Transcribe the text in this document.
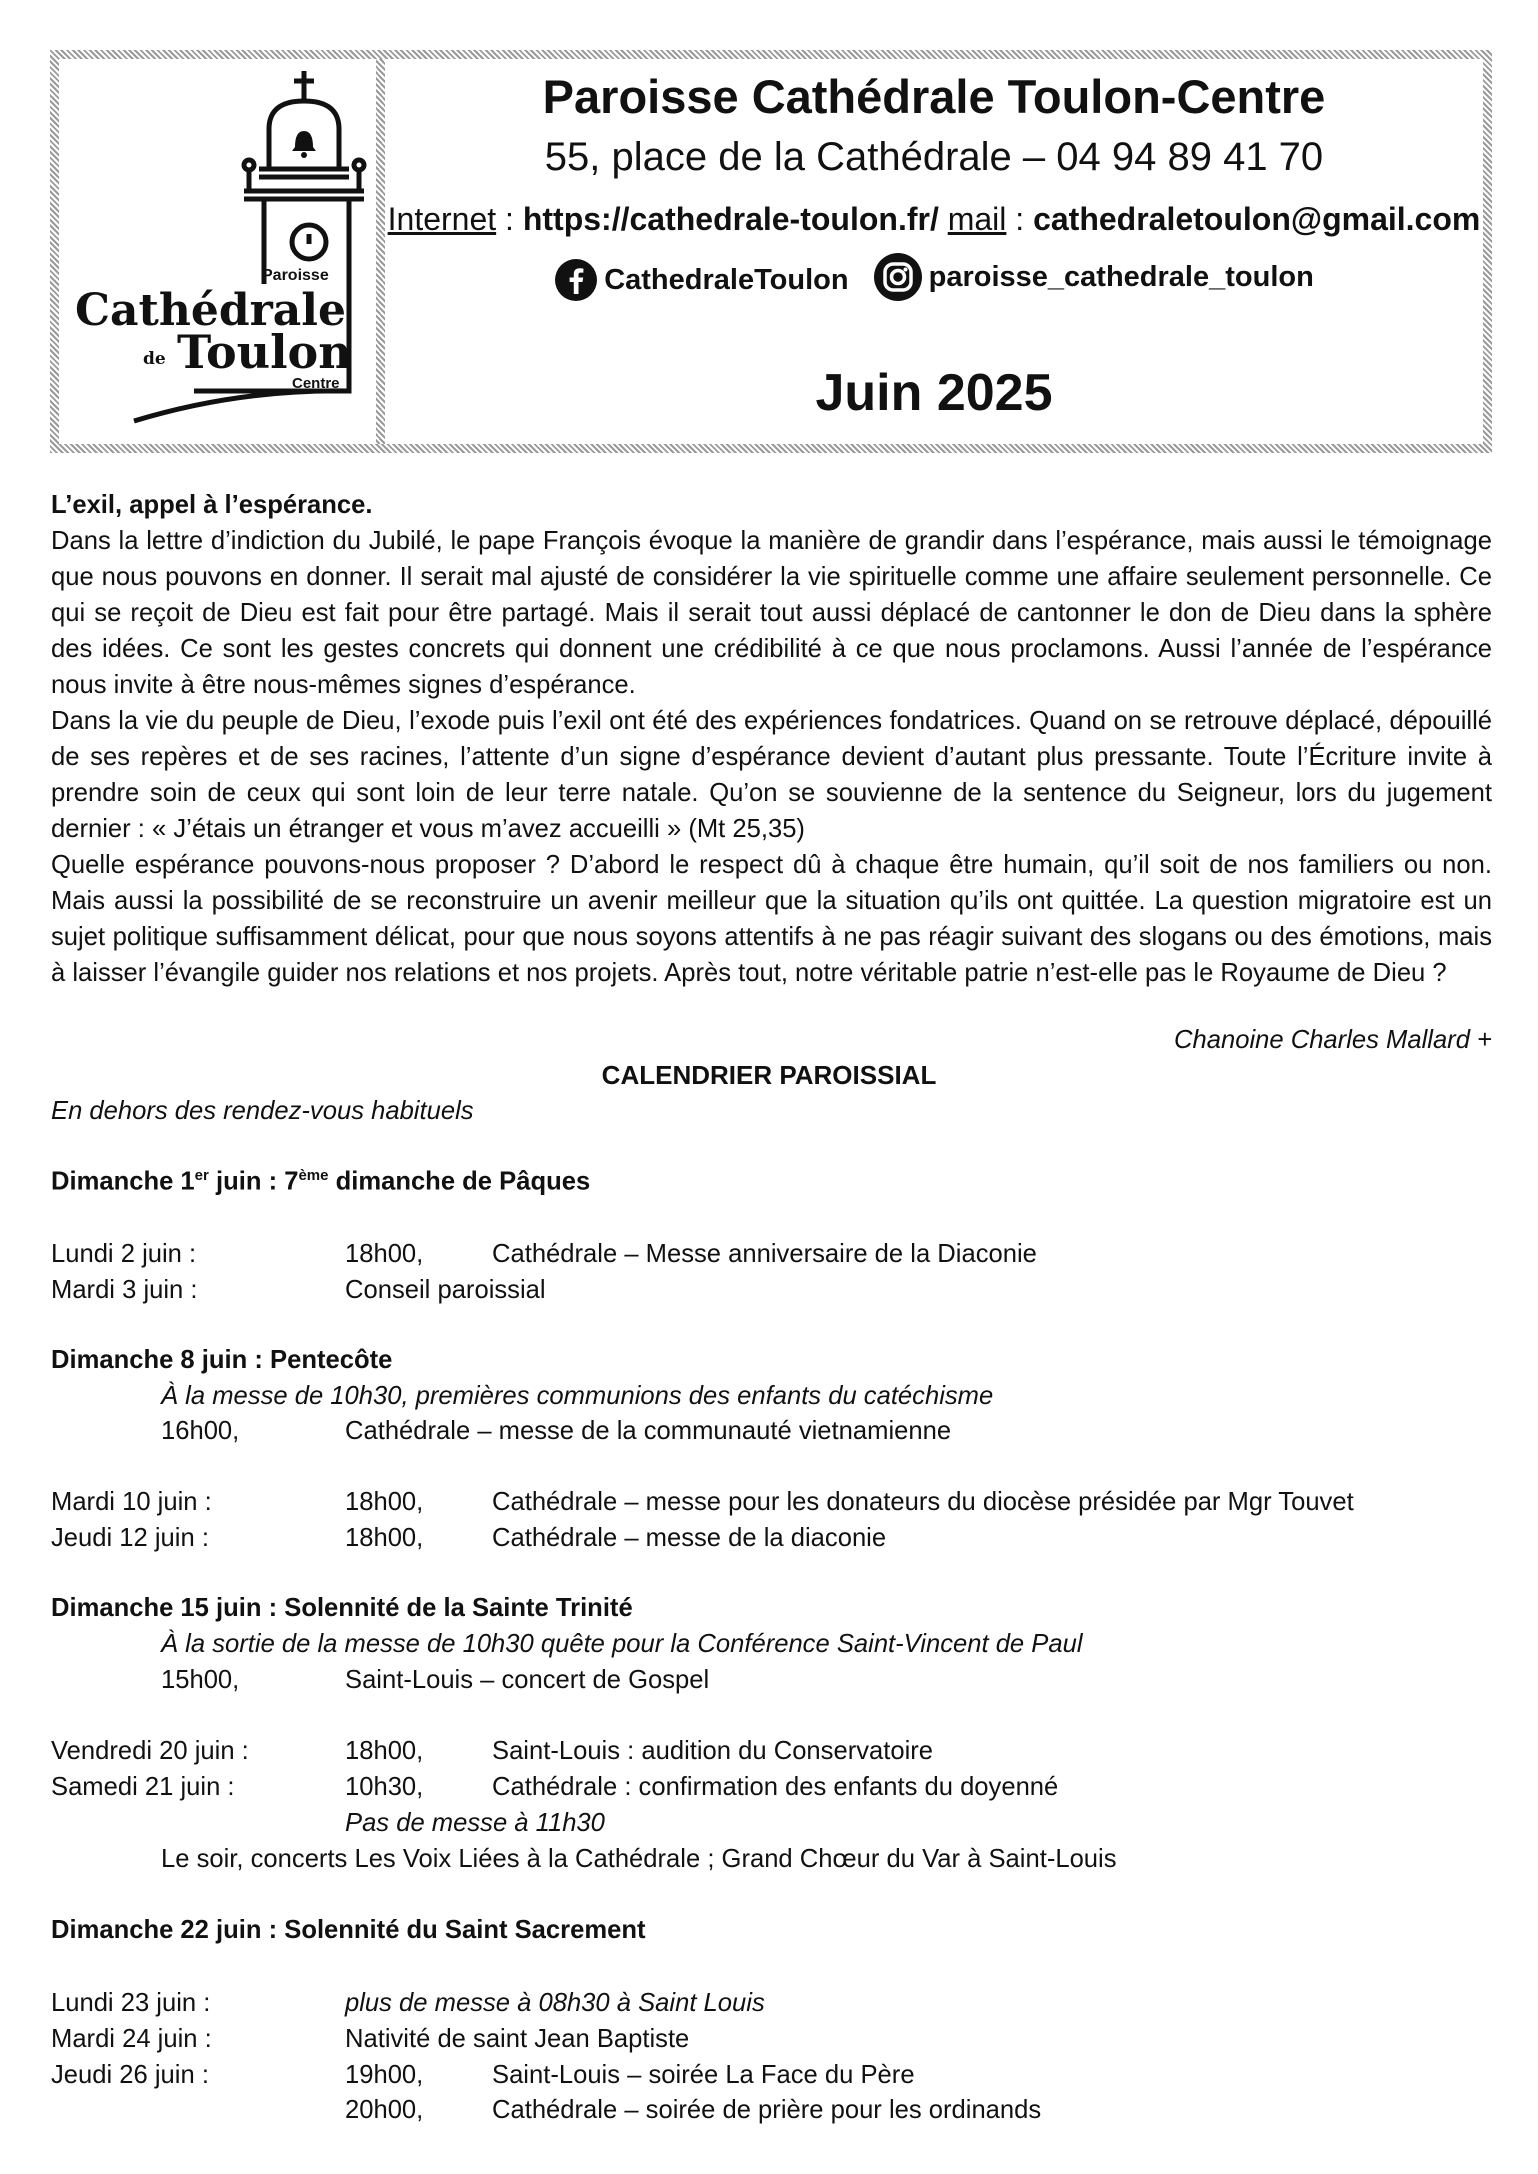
Paroisse
Cathédrale
de Toulon
Centre
Paroisse Cathédrale Toulon-Centre
55, place de la Cathédrale – 04 94 89 41 70
Internet : https://cathedrale-toulon.fr/ mail : cathedraletoulon@gmail.com
CathedraleToulon
	paroisse_cathedrale_toulon
Juin 2025
L’exil, appel à l’espérance.
Dans la lettre d’indiction du Jubilé, le pape François évoque la manière de grandir dans l’espérance, mais aussi le témoignage que nous pouvons en donner. Il serait mal ajusté de considérer la vie spirituelle comme une affaire seulement personnelle. Ce qui se reçoit de Dieu est fait pour être partagé. Mais il serait tout aussi déplacé de cantonner le don de Dieu dans la sphère des idées. Ce sont les gestes concrets qui donnent une crédibilité à ce que nous proclamons. Aussi l’année de l’espérance nous invite à être nous-mêmes signes d’espérance.
Dans la vie du peuple de Dieu, l’exode puis l’exil ont été des expériences fondatrices. Quand on se retrouve déplacé, dépouillé de ses repères et de ses racines, l’attente d’un signe d’espérance devient d’autant plus pressante. Toute l’Écriture invite à prendre soin de ceux qui sont loin de leur terre natale. Qu’on se souvienne de la sentence du Seigneur, lors du jugement dernier : « J’étais un étranger et vous m’avez accueilli » (Mt 25,35)
Quelle espérance pouvons-nous proposer ? D’abord le respect dû à chaque être humain, qu’il soit de nos familiers ou non. Mais aussi la possibilité de se reconstruire un avenir meilleur que la situation qu’ils ont quittée. La question migratoire est un sujet politique suffisamment délicat, pour que nous soyons attentifs à ne pas réagir suivant des slogans ou des émotions, mais à laisser l’évangile guider nos relations et nos projets. Après tout, notre véritable patrie n’est-elle pas le Royaume de Dieu ?
Chanoine Charles Mallard +
CALENDRIER PAROISSIAL
En dehors des rendez-vous habituels
Dimanche 1er juin : 7ème dimanche de Pâques
Lundi 2 juin :	18h00,	Cathédrale – Messe anniversaire de la Diaconie
Mardi 3 juin :	Conseil paroissial
Dimanche 8 juin : Pentecôte
À la messe de 10h30, premières communions des enfants du catéchisme
16h00,	Cathédrale – messe de la communauté vietnamienne
Mardi 10 juin :	18h00,	Cathédrale – messe pour les donateurs du diocèse présidée par Mgr Touvet
Jeudi 12 juin :	18h00,	Cathédrale – messe de la diaconie
Dimanche 15 juin : Solennité de la Sainte Trinité
À la sortie de la messe de 10h30 quête pour la Conférence Saint-Vincent de Paul
15h00,	Saint-Louis – concert de Gospel
Vendredi 20 juin :	18h00,	Saint-Louis : audition du Conservatoire
Samedi 21 juin :	10h30,	Cathédrale : confirmation des enfants du doyenné
Pas de messe à 11h30
Le soir, concerts Les Voix Liées à la Cathédrale ; Grand Chœur du Var à Saint-Louis
Dimanche 22 juin : Solennité du Saint Sacrement
Lundi 23 juin :	plus de messe à 08h30 à Saint Louis
Mardi 24 juin :	Nativité de saint Jean Baptiste
Jeudi 26 juin :	19h00,	Saint-Louis – soirée La Face du Père
20h00,	Cathédrale – soirée de prière pour les ordinands
